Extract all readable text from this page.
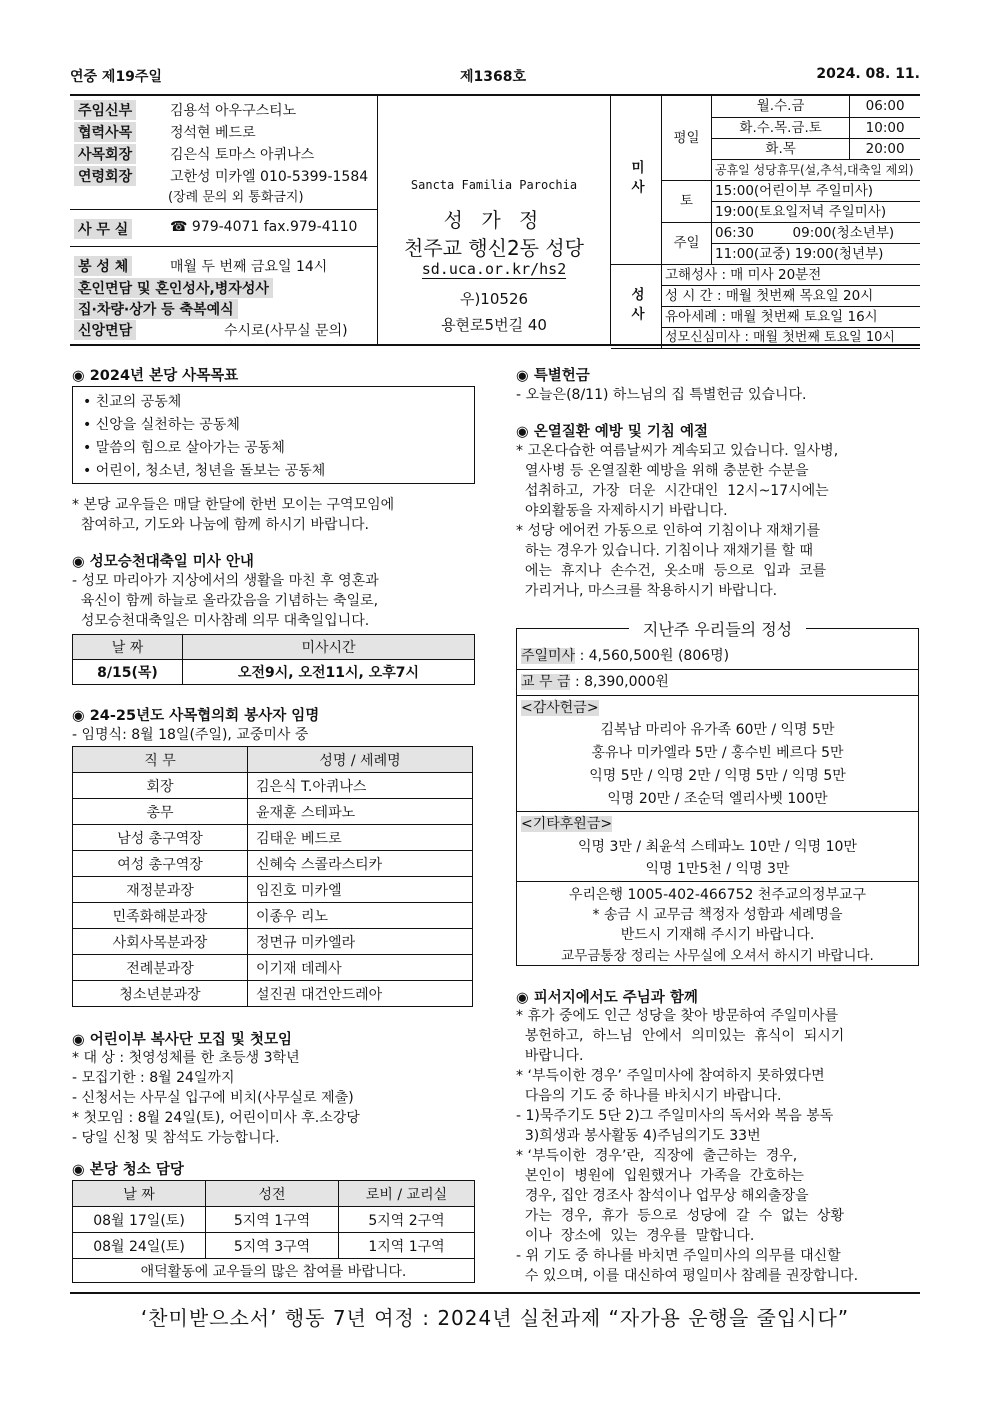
연중 제19주일	제1368호	2024. 08. 11.
주임신부	김용석 아우구스티노
협력사목	정석현 베드로
사목회장	김은식 토마스 아퀴나스
연령회장	고한성 미카엘 010-5399-1584
(장례 문의 외 통화금지)
사 무 실	☎ 979-4071 fax.979-4110
봉 성 체	매월 두 번째 금요일 14시
혼인면담 및 혼인성사,병자성사
집·차량·상가 등 축복예식
신앙면담	수시로(사무실 문의)
Sancta Familia Parochia
성 가 정
천주교 행신2동 성당
sd.uca.or.kr/hs2
우)10526
용현로5번길 40
미사	평일	월.수.금	06:00
		화.수.목.금.토	10:00
		화.목	20:00
		공휴일 성당휴무(설,추석,대축일 제외)	
	토	15:00(어린이부 주일미사)	
		19:00(토요일저녁 주일미사)	
	주일	06:30         09:00(청소년부)	
		11:00(교중) 19:00(청년부)	
성사	고해성사 : 매 미사 20분전		
	성 시 간 : 매월 첫번째 목요일 20시		
	유아세례 : 매월 첫번째 토요일 16시		
	성모신심미사 : 매월 첫번째 토요일 10시		
◉ 2024년 본당 사목목표
• 친교의 공동체
• 신앙을 실천하는 공동체
• 말씀의 힘으로 살아가는 공동체
• 어린이, 청소년, 청년을 돌보는 공동체
* 본당 교우들은 매달 한달에 한번 모이는 구역모임에
참여하고, 기도와 나눔에 함께 하시기 바랍니다.
◉ 성모승천대축일 미사 안내
- 성모 마리아가 지상에서의 생활을 마친 후 영혼과
육신이 함께 하늘로 올라갔음을 기념하는 축일로,
성모승천대축일은 미사참례 의무 대축일입니다.
날 짜	미사시간
8/15(목)	오전9시, 오전11시, 오후7시
◉ 24-25년도 사목협의회 봉사자 임명
- 임명식: 8월 18일(주일), 교중미사 중
직 무	성명 / 세례명
회장	김은식 T.아퀴나스
총무	윤재훈 스테파노
남성 총구역장	김태운 베드로
여성 총구역장	신혜숙 스콜라스티카
재정분과장	임진호 미카엘
민족화해분과장	이종우 리노
사회사목분과장	정면규 미카엘라
전례분과장	이기재 데레사
청소년분과장	설진권 대건안드레아
◉ 어린이부 복사단 모집 및 첫모임
* 대 상 : 첫영성체를 한 초등생 3학년
- 모집기한 : 8월 24일까지
- 신청서는 사무실 입구에 비치(사무실로 제출)
* 첫모임 : 8월 24일(토), 어린이미사 후.소강당
- 당일 신청 및 참석도 가능합니다.
◉ 본당 청소 담당
날 짜	성전	로비 / 교리실
08월 17일(토)	5지역 1구역	5지역 2구역
08월 24일(토)	5지역 3구역	1지역 1구역
애덕활동에 교우들의 많은 참여를 바랍니다.		
◉ 특별헌금
- 오늘은(8/11) 하느님의 집 특별헌금 있습니다.
◉ 온열질환 예방 및 기침 예절
* 고온다습한 여름날씨가 계속되고 있습니다. 일사병,
열사병 등 온열질환 예방을 위해 충분한 수분을
섭취하고,  가장  더운  시간대인  12시~17시에는
야외활동을 자제하시기 바랍니다.
* 성당 에어컨 가동으로 인하여 기침이나 재채기를
하는 경우가 있습니다. 기침이나 재채기를 할 때
에는  휴지나  손수건,  옷소매  등으로  입과  코를
가리거나, 마스크를 착용하시기 바랍니다.
지난주 우리들의 정성
주일미사 : 4,560,500원 (806명)
교 무 금 : 8,390,000원
<감사헌금>
김복남 마리아 유가족 60만 / 익명 5만
홍유나 미카엘라 5만 / 홍수빈 베르다 5만
익명 5만 / 익명 2만 / 익명 5만 / 익명 5만
익명 20만 / 조순덕 엘리사벳 100만
<기타후원금>
익명 3만 / 최윤석 스테파노 10만 / 익명 10만
익명 1만5천 / 익명 3만
우리은행 1005-402-466752 천주교의정부교구
* 송금 시 교무금 책정자 성함과 세례명을
반드시 기재해 주시기 바랍니다.
교무금통장 정리는 사무실에 오셔서 하시기 바랍니다.
◉ 피서지에서도 주님과 함께
* 휴가 중에도 인근 성당을 찾아 방문하여 주일미사를
봉헌하고,  하느님  안에서  의미있는  휴식이  되시기
바랍니다.
* ‘부득이한 경우’ 주일미사에 참여하지 못하였다면
다음의 기도 중 하나를 바치시기 바랍니다.
- 1)묵주기도 5단 2)그 주일미사의 독서와 복음 봉독
3)희생과 봉사활동 4)주님의기도 33번
* ‘부득이한  경우’란,  직장에  출근하는  경우,
본인이  병원에  입원했거나  가족을  간호하는
경우, 집안 경조사 참석이나 업무상 해외출장을
가는  경우,  휴가  등으로  성당에  갈  수  없는  상황
이나  장소에  있는  경우를  말합니다.
- 위 기도 중 하나를 바치면 주일미사의 의무를 대신할
수 있으며, 이를 대신하여 평일미사 참례를 권장합니다.
‘찬미받으소서’ 행동 7년 여정 : 2024년 실천과제 “자가용 운행을 줄입시다”
